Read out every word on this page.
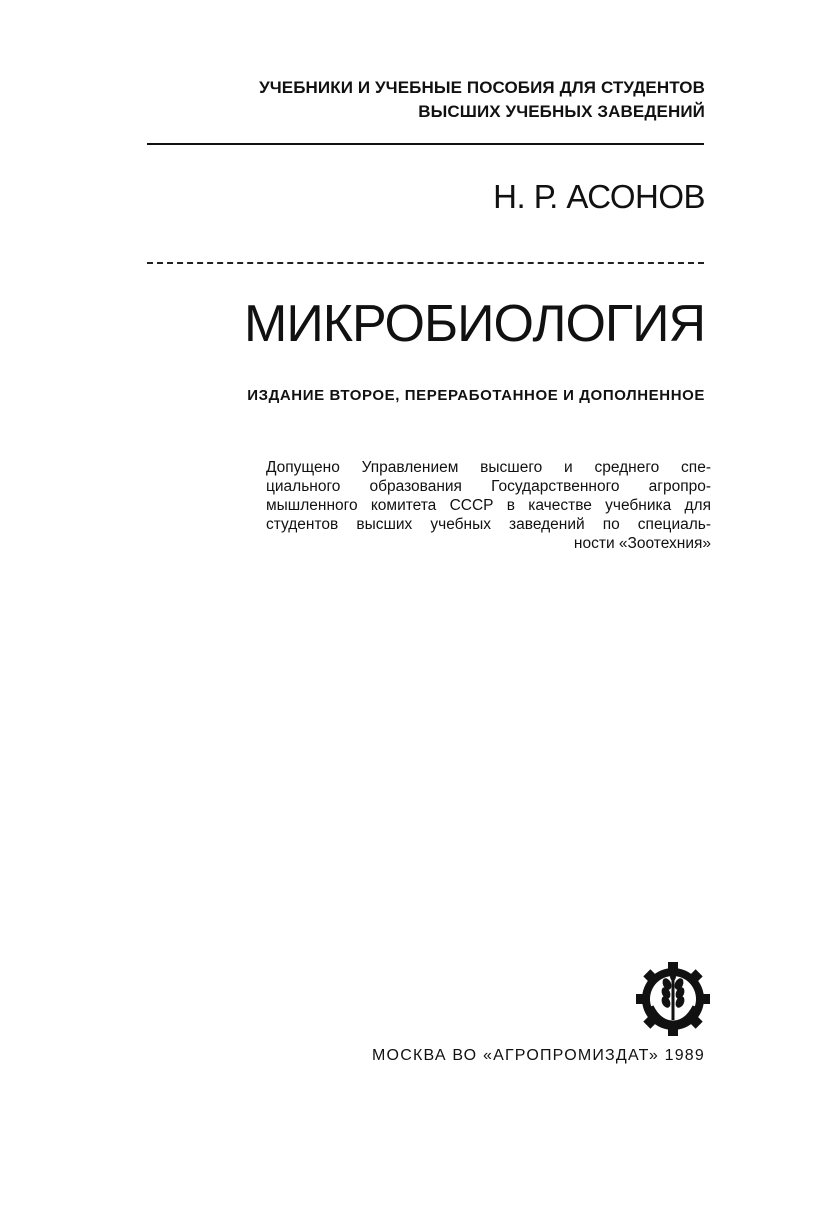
УЧЕБНИКИ И УЧЕБНЫЕ ПОСОБИЯ ДЛЯ СТУДЕНТОВ
ВЫСШИХ УЧЕБНЫХ ЗАВЕДЕНИЙ
Н. Р. АСОНОВ
МИКРОБИОЛОГИЯ
ИЗДАНИЕ ВТОРОЕ, ПЕРЕРАБОТАННОЕ И ДОПОЛНЕННОЕ
Допущено Управлением высшего и среднего спе-
циального образования Государственного агропро-
мышленного комитета СССР в качестве учебника для
студентов высших учебных заведений по специаль-
ности «Зоотехния»
МОСКВА ВО «АГРОПРОМИЗДАТ» 1989
